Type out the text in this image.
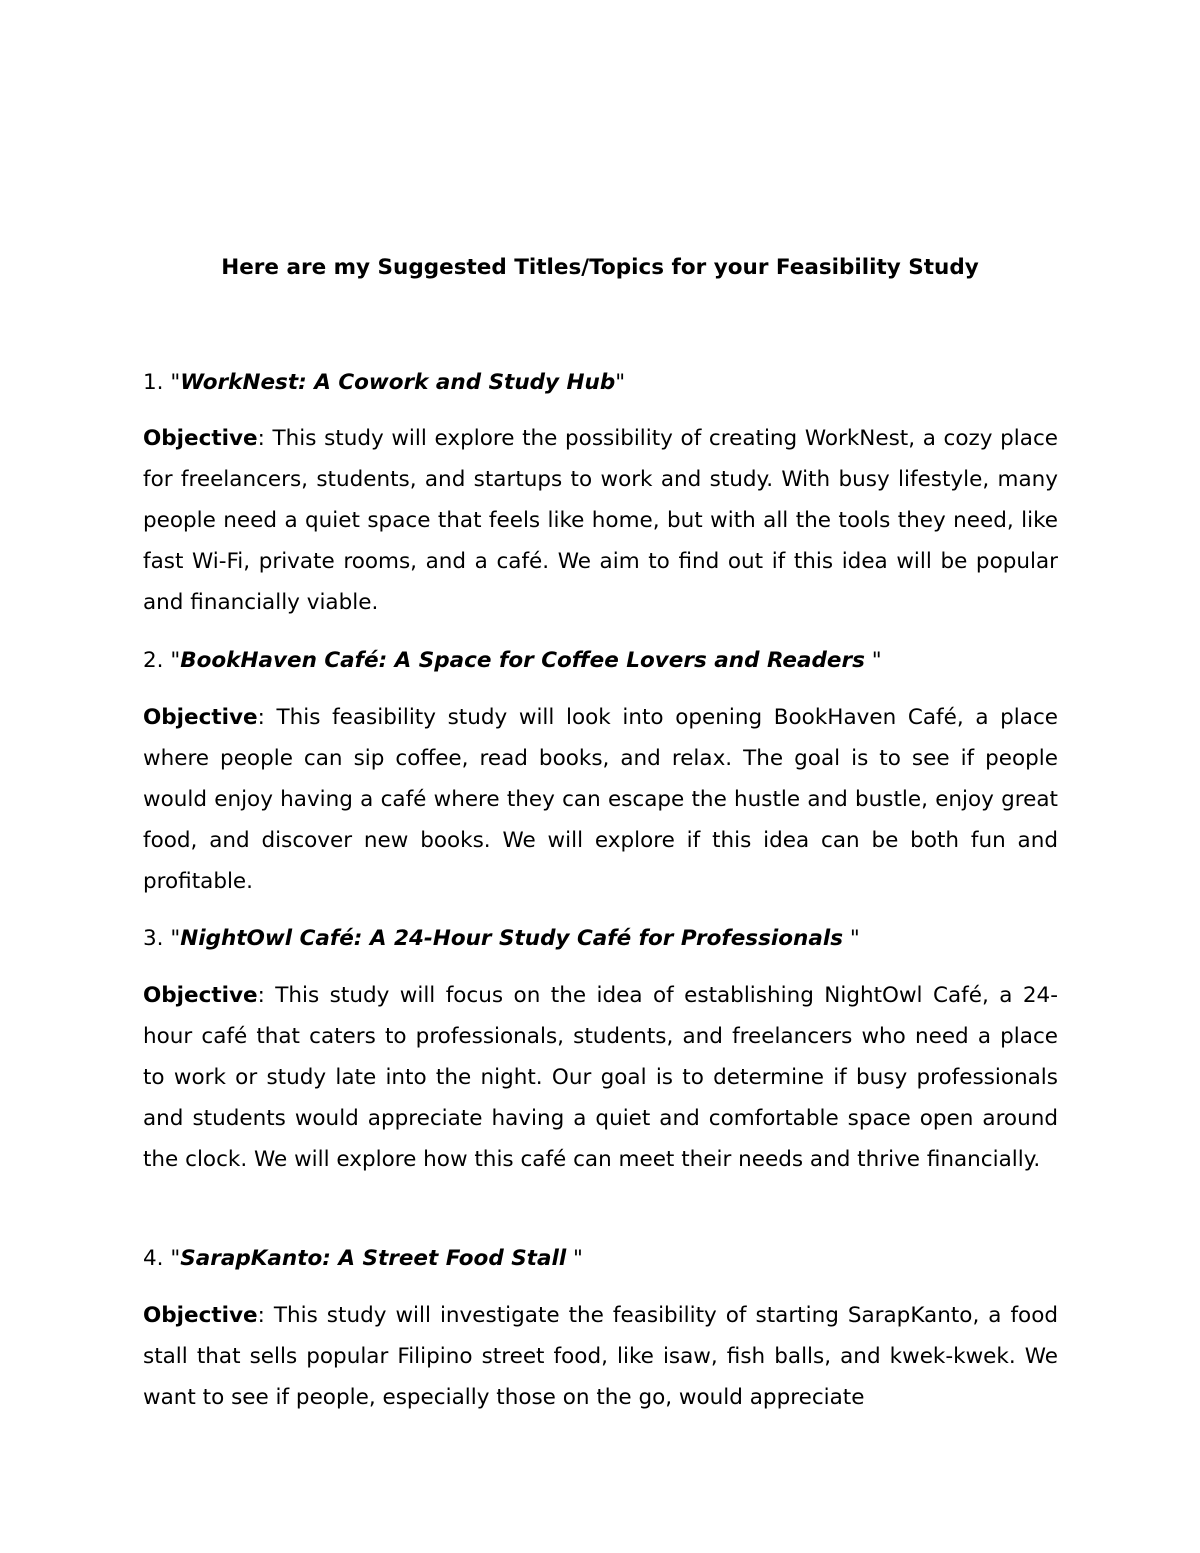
Here are my Suggested Titles/Topics for your Feasibility Study
1. "WorkNest: A Cowork and Study Hub"
Objective: This study will explore the possibility of creating WorkNest, a cozy place for freelancers, students, and startups to work and study. With busy lifestyle, many people need a quiet space that feels like home, but with all the tools they need, like fast Wi-Fi, private rooms, and a café. We aim to find out if this idea will be popular and financially viable.
2. "BookHaven Café: A Space for Coffee Lovers and Readers "
Objective: This feasibility study will look into opening BookHaven Café, a place where people can sip coffee, read books, and relax. The goal is to see if people would enjoy having a café where they can escape the hustle and bustle, enjoy great food, and discover new books. We will explore if this idea can be both fun and profitable.
3. "NightOwl Café: A 24-Hour Study Café for Professionals "
Objective: This study will focus on the idea of establishing NightOwl Café, a 24-hour café that caters to professionals, students, and freelancers who need a place to work or study late into the night. Our goal is to determine if busy professionals and students would appreciate having a quiet and comfortable space open around the clock. We will explore how this café can meet their needs and thrive financially.
4. "SarapKanto: A Street Food Stall "
Objective: This study will investigate the feasibility of starting SarapKanto, a food stall that sells popular Filipino street food, like isaw, fish balls, and kwek-kwek. We want to see if people, especially those on the go, would appreciate
